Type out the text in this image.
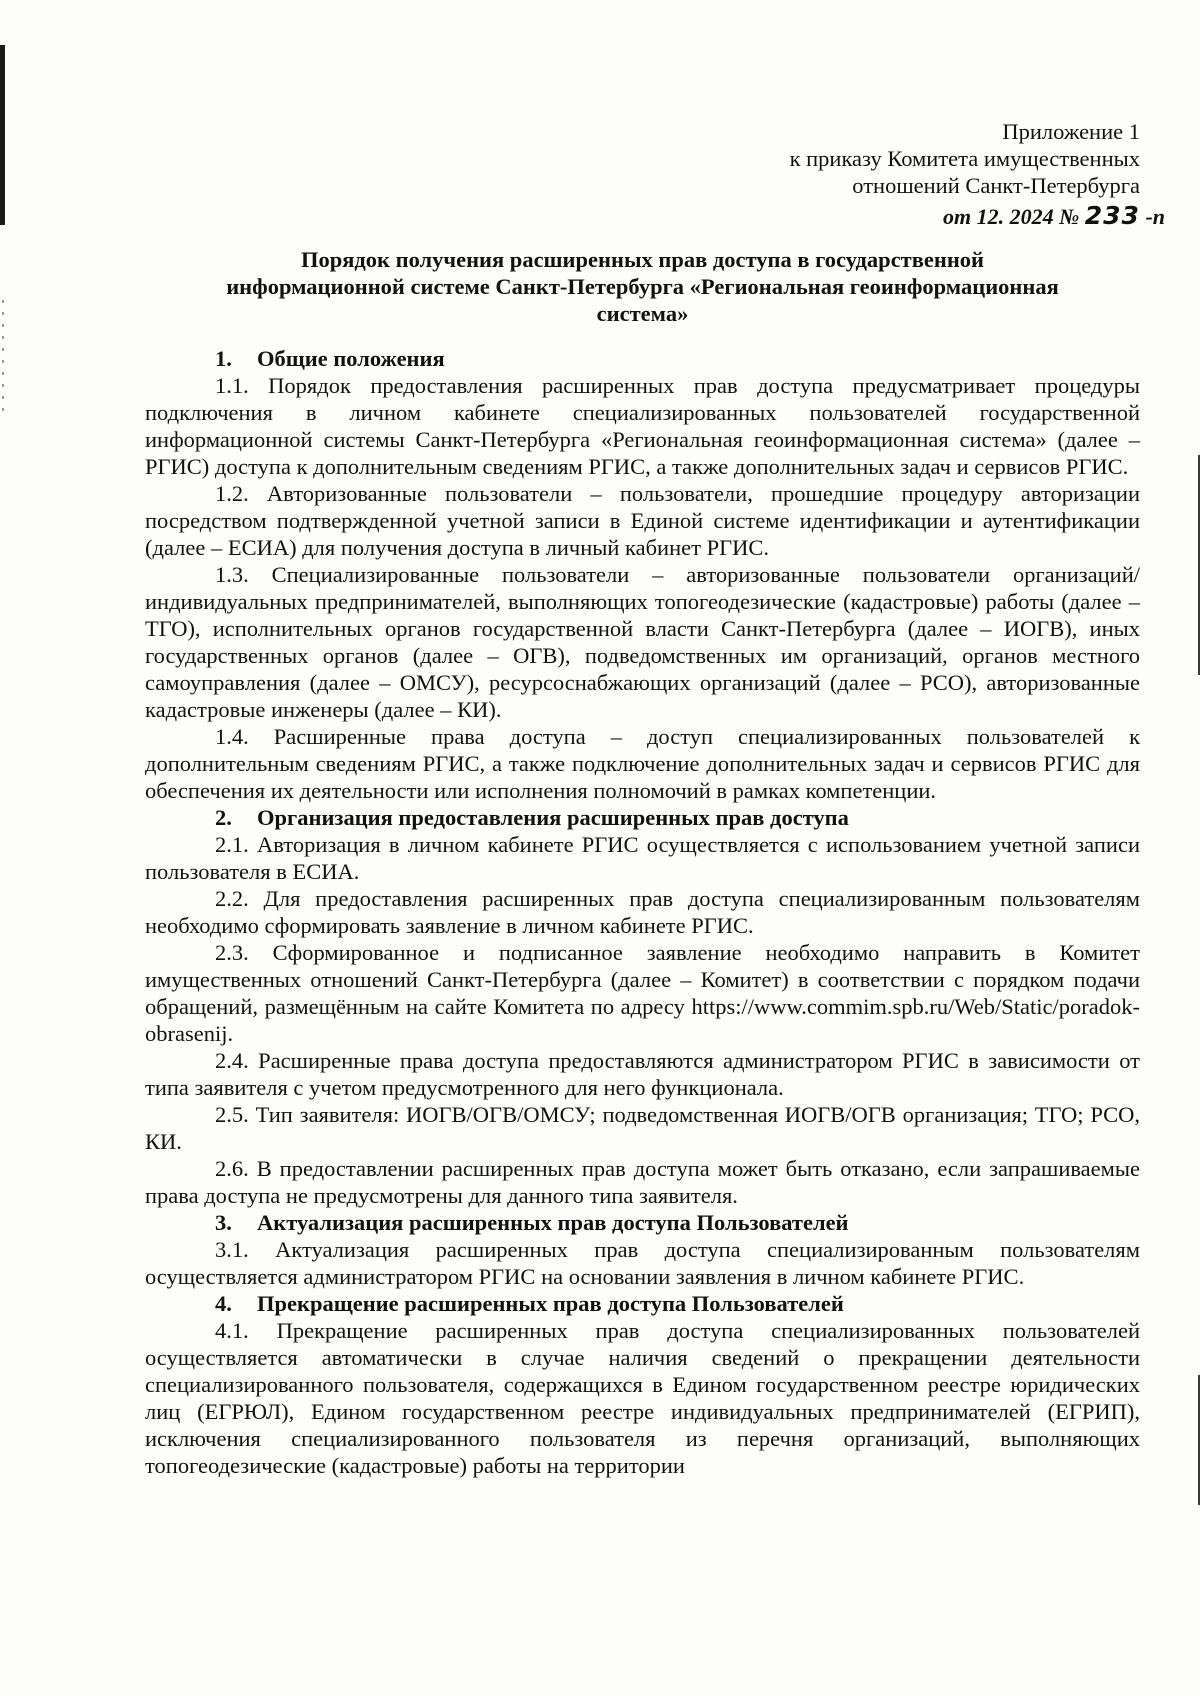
Приложение 1
к приказу Комитета имущественных
отношений Санкт-Петербурга
от 12. 2024 № 233 -п
Порядок получения расширенных прав доступа в государственной
информационной системе Санкт-Петербурга «Региональная геоинформационная
система»
1. Общие положения

1.1. Порядок предоставления расширенных прав доступа предусматривает процедуры подключения в личном кабинете специализированных пользователей государственной информационной системы Санкт-Петербурга «Региональная геоинформационная система» (далее – РГИС) доступа к дополнительным сведениям РГИС, а также дополнительных задач и сервисов РГИС.

1.2. Авторизованные пользователи – пользователи, прошедшие процедуру авторизации посредством подтвержденной учетной записи в Единой системе идентификации и аутентификации (далее – ЕСИА) для получения доступа в личный кабинет РГИС.

1.3. Специализированные пользователи – авторизованные пользователи организаций/индивидуальных предпринимателей, выполняющих топогеодезические (кадастровые) работы (далее – ТГО), исполнительных органов государственной власти Санкт-Петербурга (далее – ИОГВ), иных государственных органов (далее – ОГВ), подведомственных им организаций, органов местного самоуправления (далее – ОМСУ), ресурсоснабжающих организаций (далее – РСО), авторизованные кадастровые инженеры (далее – КИ).

1.4. Расширенные права доступа – доступ специализированных пользователей к дополнительным сведениям РГИС, а также подключение дополнительных задач и сервисов РГИС для обеспечения их деятельности или исполнения полномочий в рамках компетенции.

2. Организация предоставления расширенных прав доступа

2.1. Авторизация в личном кабинете РГИС осуществляется с использованием учетной записи пользователя в ЕСИА.

2.2. Для предоставления расширенных прав доступа специализированным пользователям необходимо сформировать заявление в личном кабинете РГИС.

2.3. Сформированное и подписанное заявление необходимо направить в Комитет имущественных отношений Санкт-Петербурга (далее – Комитет) в соответствии с порядком подачи обращений, размещённым на сайте Комитета по адресу https://www.commim.spb.ru/Web/Static/poradok-obrasenij.

2.4. Расширенные права доступа предоставляются администратором РГИС в зависимости от типа заявителя с учетом предусмотренного для него функционала.

2.5. Тип заявителя: ИОГВ/ОГВ/ОМСУ; подведомственная ИОГВ/ОГВ организация; ТГО; РСО, КИ.

2.6. В предоставлении расширенных прав доступа может быть отказано, если запрашиваемые права доступа не предусмотрены для данного типа заявителя.

3. Актуализация расширенных прав доступа Пользователей

3.1. Актуализация расширенных прав доступа специализированным пользователям осуществляется администратором РГИС на основании заявления в личном кабинете РГИС.

4. Прекращение расширенных прав доступа Пользователей

4.1. Прекращение расширенных прав доступа специализированных пользователей осуществляется автоматически в случае наличия сведений о прекращении деятельности специализированного пользователя, содержащихся в Едином государственном реестре юридических лиц (ЕГРЮЛ), Едином государственном реестре индивидуальных предпринимателей (ЕГРИП), исключения специализированного пользователя из перечня организаций, выполняющих топогеодезические (кадастровые) работы на территории
